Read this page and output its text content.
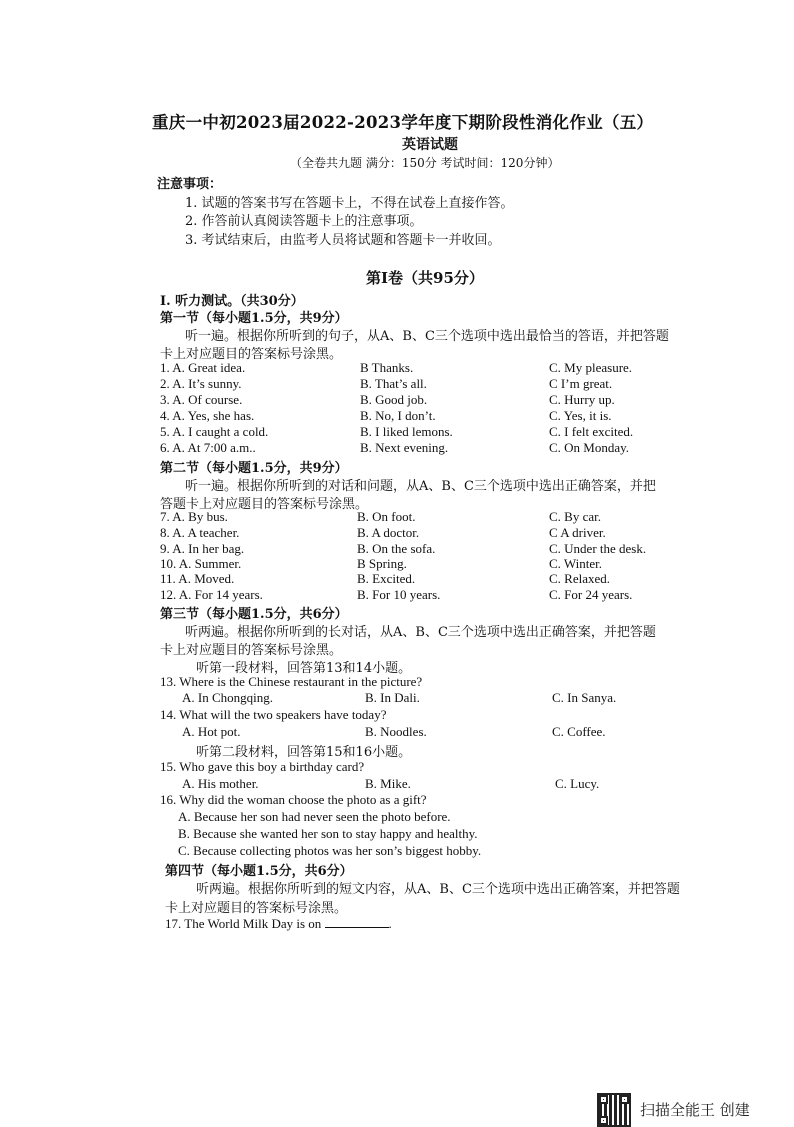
重庆一中初2023届2022-2023学年度下期阶段性消化作业（五）
英语试题
（全卷共九题 满分：150分 考试时间：120分钟）
注意事项：
1. 试题的答案书写在答题卡上，不得在试卷上直接作答。
2. 作答前认真阅读答题卡上的注意事项。
3. 考试结束后，由监考人员将试题和答题卡一并收回。
第Ⅰ卷（共95分）
I. 听力测试。（共30分）
第一节（每小题1.5分，共9分）
听一遍。根据你所听到的句子，从A、B、C三个选项中选出最恰当的答语，并把答题
卡上对应题目的答案标号涂黑。
1. A. Great idea.	B Thanks.	C. My pleasure.
2. A. It’s sunny.	B. That’s all.	C I’m great.
3. A. Of course.	B. Good job.	C. Hurry up.
4. A. Yes, she has.	B. No, I don’t.	C. Yes, it is.
5. A. I caught a cold.	B. I liked lemons.	C. I felt excited.
6. A. At 7:00 a.m..	B. Next evening.	C. On Monday.
第二节（每小题1.5分，共9分）
听一遍。根据你所听到的对话和问题，从A、B、C三个选项中选出正确答案，并把
答题卡上对应题目的答案标号涂黑。
7. A. By bus.	B. On foot.	C. By car.
8. A. A teacher.	B. A doctor.	C A driver.
9. A. In her bag.	B. On the sofa.	C. Under the desk.
10. A. Summer.	B Spring.	C. Winter.
11. A. Moved.	B. Excited.	C. Relaxed.
12. A. For 14 years.	B. For 10 years.	C. For 24 years.
第三节（每小题1.5分，共6分）
听两遍。根据你所听到的长对话，从A、B、C三个选项中选出正确答案，并把答题
卡上对应题目的答案标号涂黑。
听第一段材料，回答第13和14小题。
13. Where is the Chinese restaurant in the picture?
A. In Chongqing.	B. In Dali.	C. In Sanya.
14. What will the two speakers have today?
A. Hot pot.	B. Noodles.	C. Coffee.
听第二段材料，回答第15和16小题。
15. Who gave this boy a birthday card?
A. His mother.	B. Mike.	C. Lucy.
16. Why did the woman choose the photo as a gift?
A. Because her son had never seen the photo before.
B. Because she wanted her son to stay happy and healthy.
C. Because collecting photos was her son’s biggest hobby.
第四节（每小题1.5分，共6分）
听两遍。根据你所听到的短文内容，从A、B、C三个选项中选出正确答案，并把答题
卡上对应题目的答案标号涂黑。
17. The World Milk Day is on	.
扫描全能王 创建
